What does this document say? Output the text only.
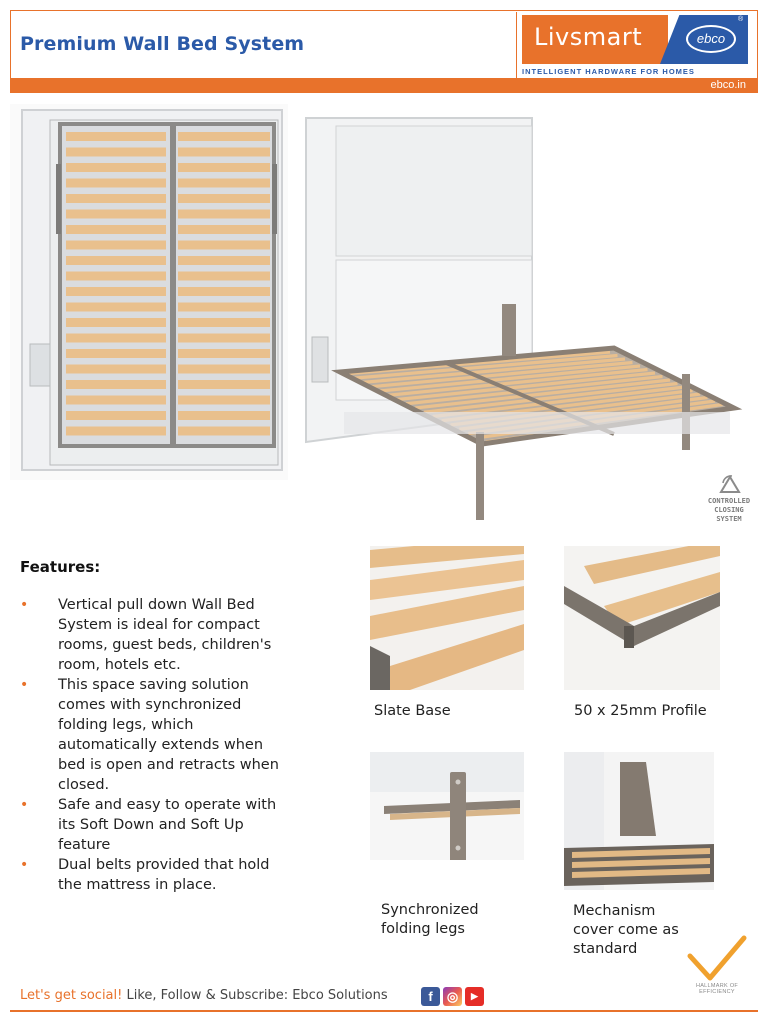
Premium Wall Bed System	Livsmart	ebco
®
INTELLIGENT HARDWARE FOR HOMES
ebco.in
CONTROLLED
CLOSING
SYSTEM
Features:
• Vertical pull down Wall Bed System is ideal for compact rooms, guest beds, children's room, hotels etc.
• This space saving solution comes with synchronized folding legs, which automatically extends when bed is open and retracts when closed.
• Safe and easy to operate with its Soft Down and Soft Up feature
• Dual belts provided that hold the mattress in place.
Slate Base	50 x 25mm Profile
Synchronized folding legs
Mechanism cover come as standard
HALLMARK OF EFFICIENCY
Let's get social! Like, Follow & Subscribe: Ebco Solutions	f	◎	▶
